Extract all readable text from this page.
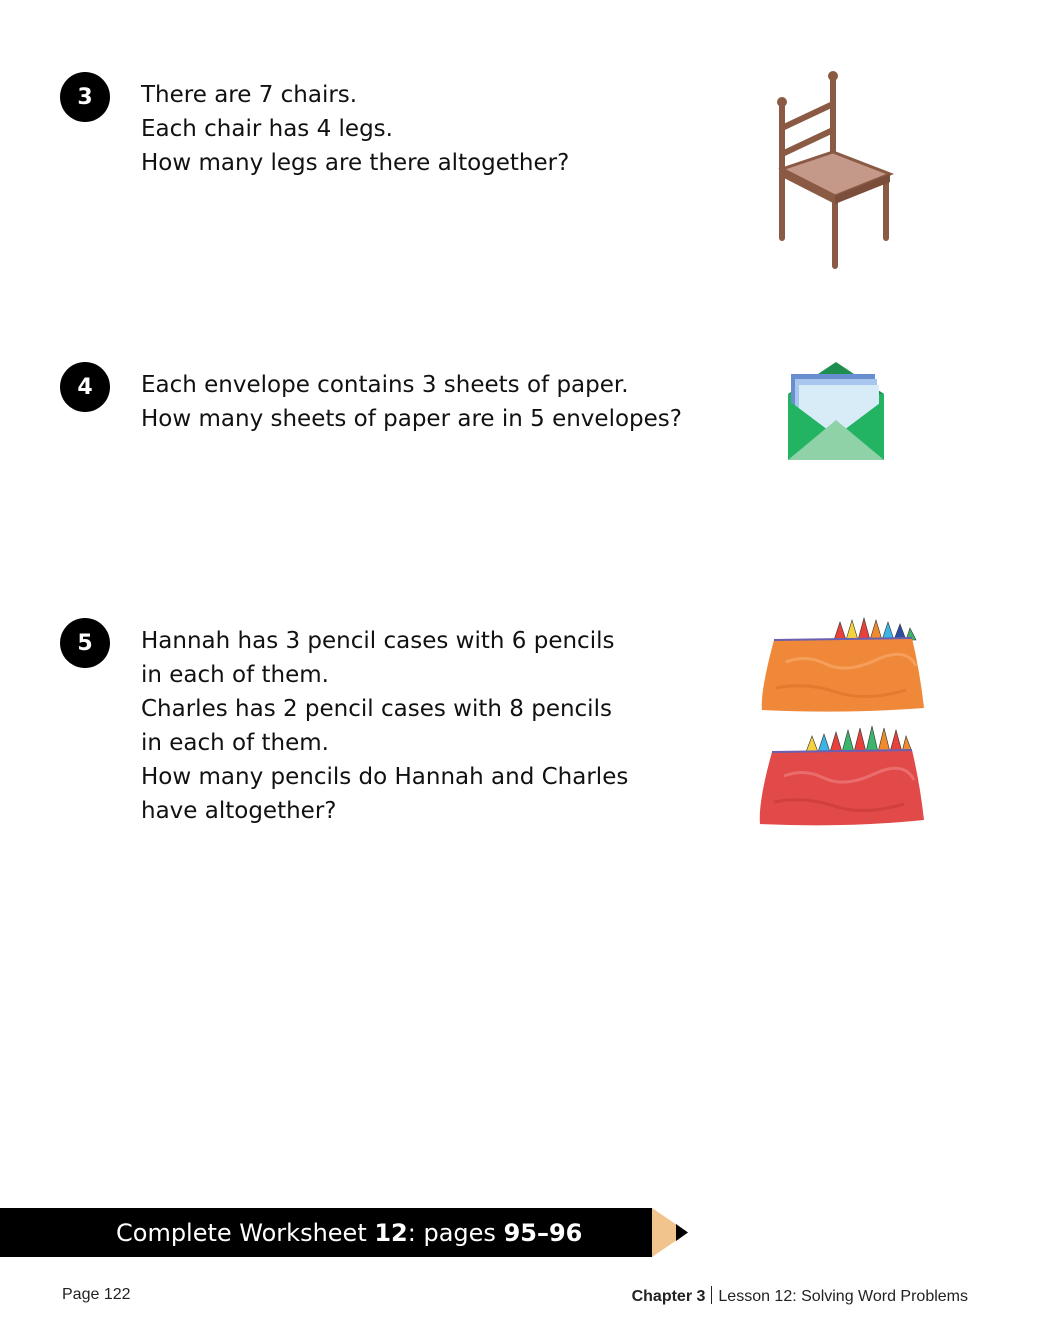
3	There are 7 chairs.
Each chair has 4 legs.
How many legs are there altogether?
4	Each envelope contains 3 sheets of paper.
How many sheets of paper are in 5 envelopes?
5	Hannah has 3 pencil cases with 6 pencils
in each of them.
Charles has 2 pencil cases with 8 pencils
in each of them.
How many pencils do Hannah and Charles
have altogether?
Complete Worksheet 12: pages 95–96
Page 122	Chapter 3 Lesson 12: Solving Word Problems
